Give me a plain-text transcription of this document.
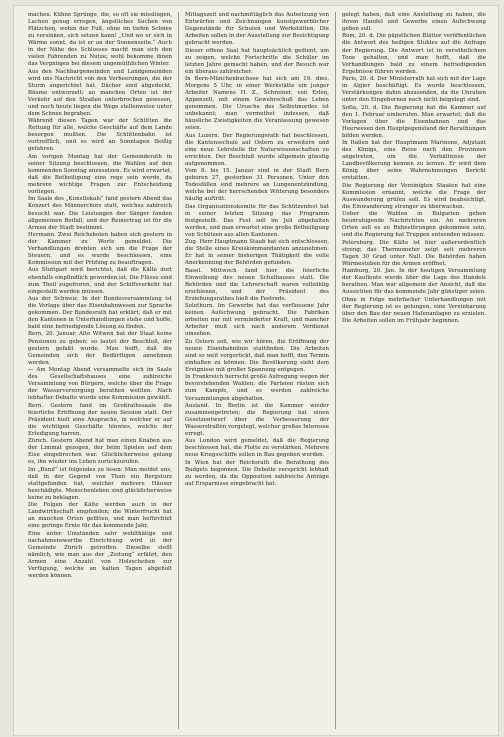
machen. Kühne Sprünge, die, so oft sie misslingen, Lachen genug erregen, ängstliches Suchen von Plätzchen, wohin der Fuß, ohne im tiefen Schnee zu versinken, sich setzen kann! „Und wo er sich in Wärme sonnt, da ist er an der Sonnenseite.“ Auch in der Nähe des Schlosses macht man sich den vielen Fahrenden zu Nutze; wohl bekomme ihnen das Vergnügen bei diesem ungemüthlichen Winter.

Aus den Nachbargemeinden und Landgemeinden wird uns Nachricht von den Verheerungen, die der Sturm angerichtet hat. Dächer sind abgedeckt, Bäume entwurzelt; an manchen Orten ist der Verkehr auf den Straßen unterbrochen gewesen, und noch heute liegen die Wege stellenweise unter dem Schnee begraben.

Während diesen Tagen war der Schlitten die Rettung für alle, welche Geschäfte auf dem Lande besorgen mußten. Die Schlittenbahn ist vortrefflich, und es wird an Sonntagen fleißig gefahren.

Am vorigen Montag hat der Gemeinderath in seiner Sitzung beschlossen, die Wahlen auf den kommenden Sonntag anzusetzen. Es wird erwartet, daß die Betheiligung eine rege sein werde, da mehrere wichtige Fragen zur Entscheidung vorliegen.

Im Saale des „Kunstlokals“ fand gestern Abend das Konzert des Männerchors statt, welches zahlreich besucht war. Die Leistungen der Sänger fanden allgemeinen Beifall, und der Reinertrag ist für die Armen der Stadt bestimmt.

Hermann. Zwei Reichsboten haben sich gestern in der Kammer zu Worte gemeldet. Die Verhandlungen drehten sich um die Frage der Steuern, und es wurde beschlossen, eine Kommission mit der Prüfung zu beauftragen.

Aus Stuttgart wird berichtet, daß die Kälte dort ebenfalls empfindlich geworden ist. Die Flüsse sind zum Theil zugefroren, und der Schiffsverkehr hat eingestellt werden müssen.

Aus der Schweiz. In der Bundesversammlung ist die Vorlage über das Eisenbahnwesen zur Sprache gekommen. Der Bundesrath hat erklärt, daß er mit den Kantonen in Unterhandlungen stehe und hoffe, bald eine befriedigende Lösung zu finden.

Bern, 20. Januar. Alte Witwen hat der Staat keine Pensionen zu geben; so lautet der Beschluß, der gestern gefaßt wurde. Man hofft, daß die Gemeinden sich der Bedürftigen annehmen werden.

— Am Montag Abend versammelte sich im Saale des Gesellschaftshauses eine zahlreiche Versammlung von Bürgern, welche über die Frage der Wasserversorgung berathen wollten. Nach lebhafter Debatte wurde eine Kommission gewählt.

Bern. Gestern fand im Großrathssaale die feierliche Eröffnung der neuen Session statt. Der Präsident hielt eine Ansprache, in welcher er auf die wichtigen Geschäfte hinwies, welche der Erledigung harren.

Zürich. Gestern Abend hat man einen Knaben aus der Limmat gezogen, der beim Spielen auf dem Eise eingebrochen war. Glücklicherweise gelang es, ihn wieder ins Leben zurückzurufen.

Im „Bund“ ist folgendes zu lesen: Man meldet uns, daß in der Gegend von Thun ein Bergsturz stattgefunden hat, welcher mehrere Häuser beschädigte. Menschenleben sind glücklicherweise keine zu beklagen.

Die Folgen der Kälte werden auch in der Landwirthschaft empfunden; die Winterfrucht hat an manchen Orten gelitten, und man befürchtet eine geringe Ernte für das kommende Jahr.

Eine unter Umständen sehr wohlthätige und nachahmenswerthe Einrichtung wird in der Gemeinde Zürich getroffen. Dieselbe stellt nämlich, wie man aus der „Zeitung“ erfährt, den Armen eine Anzahl von Holzscheiten zur Verfügung, welche an kalten Tagen abgeholt werden können.

Mittagszeit und nachmittäglich das Aufsetzung von Entwürfen und Zeichnungen kunstgewerblicher Gegenstände für Schulen und Werkstätten. Die Arbeiten sollen in der Ausstellung zur Besichtigung gebracht werden.

Dieser offene Saal hat hauptsächlich gedient, um zu zeigen, welche Fortschritte die Schüler im letzten Jahre gemacht haben, und der Besuch war ein überaus zahlreicher.

In Bern-Münchenbuchsee hat sich am 19. dies. Morgens 5 Uhr, in einer Werkstätte ein junger Arbeiter Namens H. Z., Schreiner, von Erlen, Appenzell, mit einem Gewehrschuß das Leben genommen. Die Ursache des Selbstmordes ist unbekannt; man vermuthet indessen, daß häusliche Zwistigkeiten die Veranlassung gewesen seien.

Aus Luzern. Der Regierungsrath hat beschlossen, die Kantonsschule auf Ostern zu erweitern und eine neue Lehrstelle für Naturwissenschaften zu errichten. Der Beschluß wurde allgemein günstig aufgenommen.

Vom 8. bis 15. Januar sind in der Stadt Bern geboren 27, gestorben 31 Personen. Unter den Todesfällen sind mehrere an Lungenentzündung, welche bei der herrschenden Witterung besonders häufig auftritt.

Das Organisationskomite für das Schützenfest hat in seiner letzten Sitzung das Programm festgestellt. Das Fest soll im Juli abgehalten werden, und man erwartet eine große Betheiligung von Schützen aus allen Kantonen.

Zug. Herr Hauptmann Staub hat sich entschlossen, die Stelle eines Kreiskommandanten anzunehmen. Er hat in seiner bisherigen Thätigkeit die volle Anerkennung der Behörden gefunden.

Basel. Mittwoch fand hier die feierliche Einweihung des neuen Schulhauses statt. Die Behörden und die Lehrerschaft waren vollzählig erschienen, und der Präsident des Erziehungsrathes hielt die Festrede.

Solothurn. Im Gewerbe hat das verflossene Jahr keinen Aufschwung gebracht. Die Fabriken arbeiten nur mit verminderter Kraft, und mancher Arbeiter muß sich nach anderem Verdienst umsehen.

Zu Ostern soll, wie wir hören, die Eröffnung der neuen Eisenbahnlinie stattfinden. Die Arbeiten sind so weit vorgerückt, daß man hofft, den Termin einhalten zu können. Die Bevölkerung sieht dem Ereignisse mit großer Spannung entgegen.

In Frankreich herrscht große Aufregung wegen der bevorstehenden Wahlen; die Parteien rüsten sich zum Kampfe, und es werden zahlreiche Versammlungen abgehalten.

Ausland. In Berlin ist die Kammer wieder zusammengetreten; die Regierung hat einen Gesetzentwurf über die Verbesserung der Wasserstraßen vorgelegt, welcher großes Interesse erregt.

Aus London wird gemeldet, daß die Regierung beschlossen hat, die Flotte zu verstärken. Mehrere neue Kriegsschiffe sollen in Bau gegeben werden.

In Wien hat der Reichsrath die Berathung des Budgets begonnen. Die Debatte verspricht lebhaft zu werden, da die Opposition zahlreiche Anträge auf Ersparnisse eingebracht hat.

gelegt haben, daß eine Anstellung zu haben, die ihrem Handel und Gewerbe einen Aufschwung geben soll.

Rom, 20. d. Die päpstlichen Blätter veröffentlichen die Antwort des heiligen Stuhles auf die Anfrage der Regierung. Die Antwort ist in versöhnlichem Tone gehalten, und man hofft, daß die Verhandlungen bald zu einem befriedigenden Ergebnisse führen werden.

Paris, 20. d. Der Ministerrath hat sich mit der Lage in Algier beschäftigt. Es wurde beschlossen, Verstärkungen dahin abzusenden, da die Unruhen unter den Eingebornen noch nicht beigelegt sind.

Sofia, 20. d. Die Regierung hat die Kammer auf den 1. Februar einberufen. Man erwartet, daß die Vorlagen über die Eisenbahnen und das Heerwesen den Hauptgegenstand der Berathungen bilden werden.

In Italien hat der Hauptmann Marinone, Adjutant des Königs, eine Reise nach den Provinzen angetreten, um die Verhältnisse der Landbevölkerung kennen zu lernen. Er wird dem König über seine Wahrnehmungen Bericht erstatten.

Die Regierung der Vereinigten Staaten hat eine Kommission ernannt, welche die Frage der Auswanderung prüfen soll. Es wird beabsichtigt, die Einwanderung strenger zu überwachen.

Ueber die Wahlen in Bulgarien gehen beunruhigende Nachrichten ein. An mehreren Orten soll es zu Ruhestörungen gekommen sein, und die Regierung hat Truppen entsenden müssen.

Petersburg. Die Kälte ist hier außerordentlich streng; das Thermometer zeigt seit mehreren Tagen 30 Grad unter Null. Die Behörden haben Wärmestuben für die Armen eröffnet.

Hamburg, 20. Jan. In der heutigen Versammlung der Kaufleute wurde über die Lage des Handels berathen. Man war allgemein der Ansicht, daß die Aussichten für das kommende Jahr günstiger seien.

Ohne in Folge mehrfacher Unterhandlungen mit der Regierung ist es gelungen, eine Vereinbarung über den Bau der neuen Hafenanlagen zu erzielen. Die Arbeiten sollen im Frühjahr beginnen.
